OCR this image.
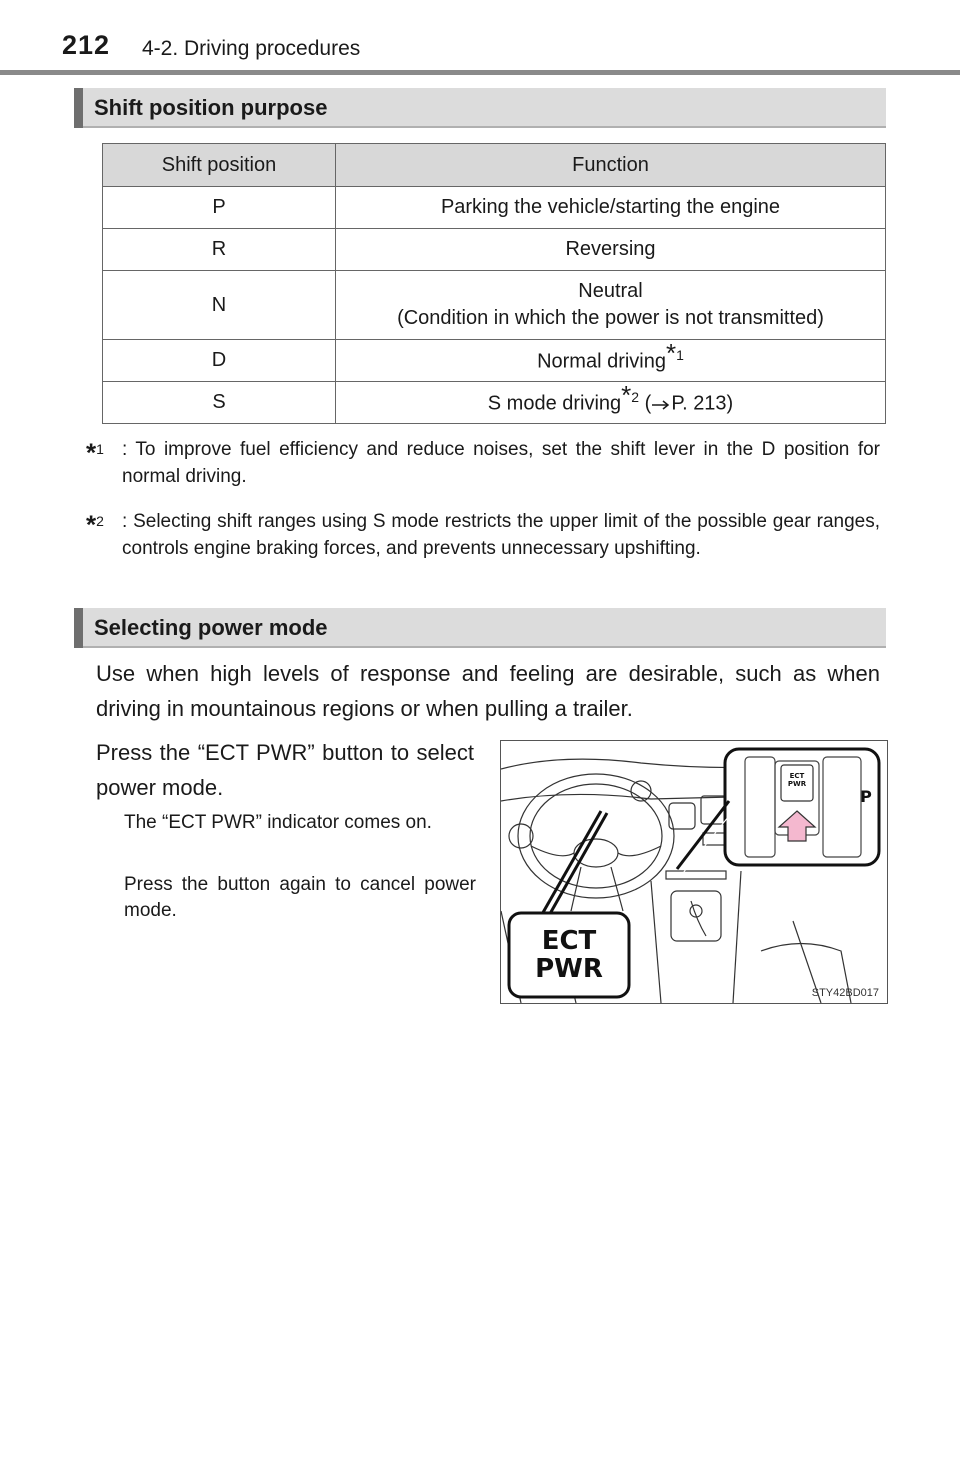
212 4-2. Driving procedures
Shift position purpose
Shift position	Function
P	Parking the vehicle/starting the engine
R	Reversing
N	Neutral
(Condition in which the power is not transmitted)
D	Normal driving$^{*1}$
S	S mode driving$^{*2}$ ( P. 213)
*$^1$ : To improve fuel efficiency and reduce noises, set the shift lever in the D position for normal driving.
*$^2$ : Selecting shift ranges using S mode restricts the upper limit of the possible gear ranges, controls engine braking forces, and prevents unnecessary upshifting.
Selecting power mode
Use when high levels of response and feeling are desirable, such as when driving in mountainous regions or when pulling a trailer.
Press the “ECT PWR” button to select power mode.
The “ECT PWR” indicator comes on.
Press the button again to cancel power mode.
ECT
PWR
ECT
PWR
P
STY42BD017
